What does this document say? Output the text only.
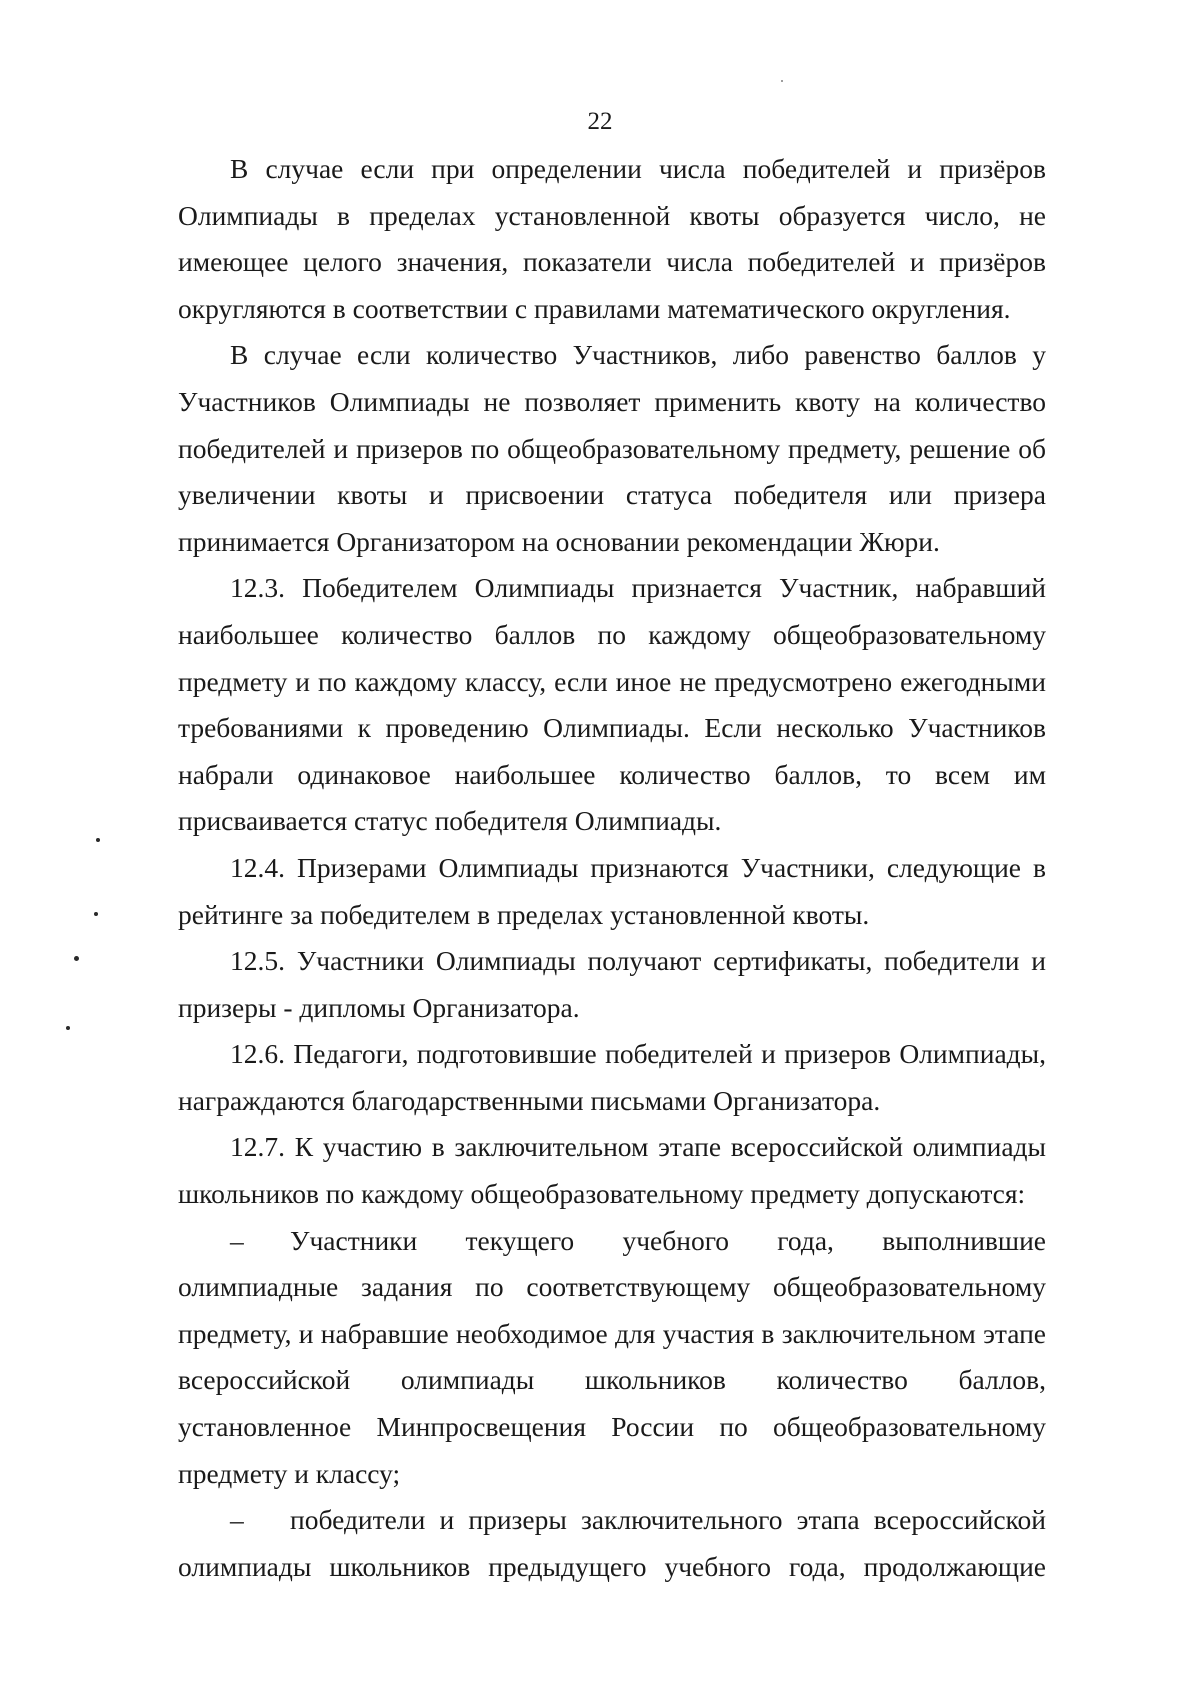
22

В случае если при определении числа победителей и призёров Олимпиады в пределах установленной квоты образуется число, не имеющее целого значения, показатели числа победителей и призёров округляются в соответствии с правилами математического округления.

В случае если количество Участников, либо равенство баллов у Участников Олимпиады не позволяет применить квоту на количество победителей и призеров по общеобразовательному предмету, решение об увеличении квоты и присвоении статуса победителя или призера принимается Организатором на основании рекомендации Жюри.

12.3. Победителем Олимпиады признается Участник, набравший наибольшее количество баллов по каждому общеобразовательному предмету и по каждому классу, если иное не предусмотрено ежегодными требованиями к проведению Олимпиады. Если несколько Участников набрали одинаковое наибольшее количество баллов, то всем им присваивается статус победителя Олимпиады.

12.4. Призерами Олимпиады признаются Участники, следующие в рейтинге за победителем в пределах установленной квоты.

12.5. Участники Олимпиады получают сертификаты, победители и призеры - дипломы Организатора.

12.6. Педагоги, подготовившие победителей и призеров Олимпиады, награждаются благодарственными письмами Организатора.

12.7. К участию в заключительном этапе всероссийской олимпиады школьников по каждому общеобразовательному предмету допускаются:

– Участники текущего учебного года, выполнившие олимпиадные задания по соответствующему общеобразовательному предмету, и набравшие необходимое для участия в заключительном этапе всероссийской олимпиады школьников количество баллов, установленное Минпросвещения России по общеобразовательному предмету и классу;

– победители и призеры заключительного этапа всероссийской олимпиады школьников предыдущего учебного года, продолжающие
